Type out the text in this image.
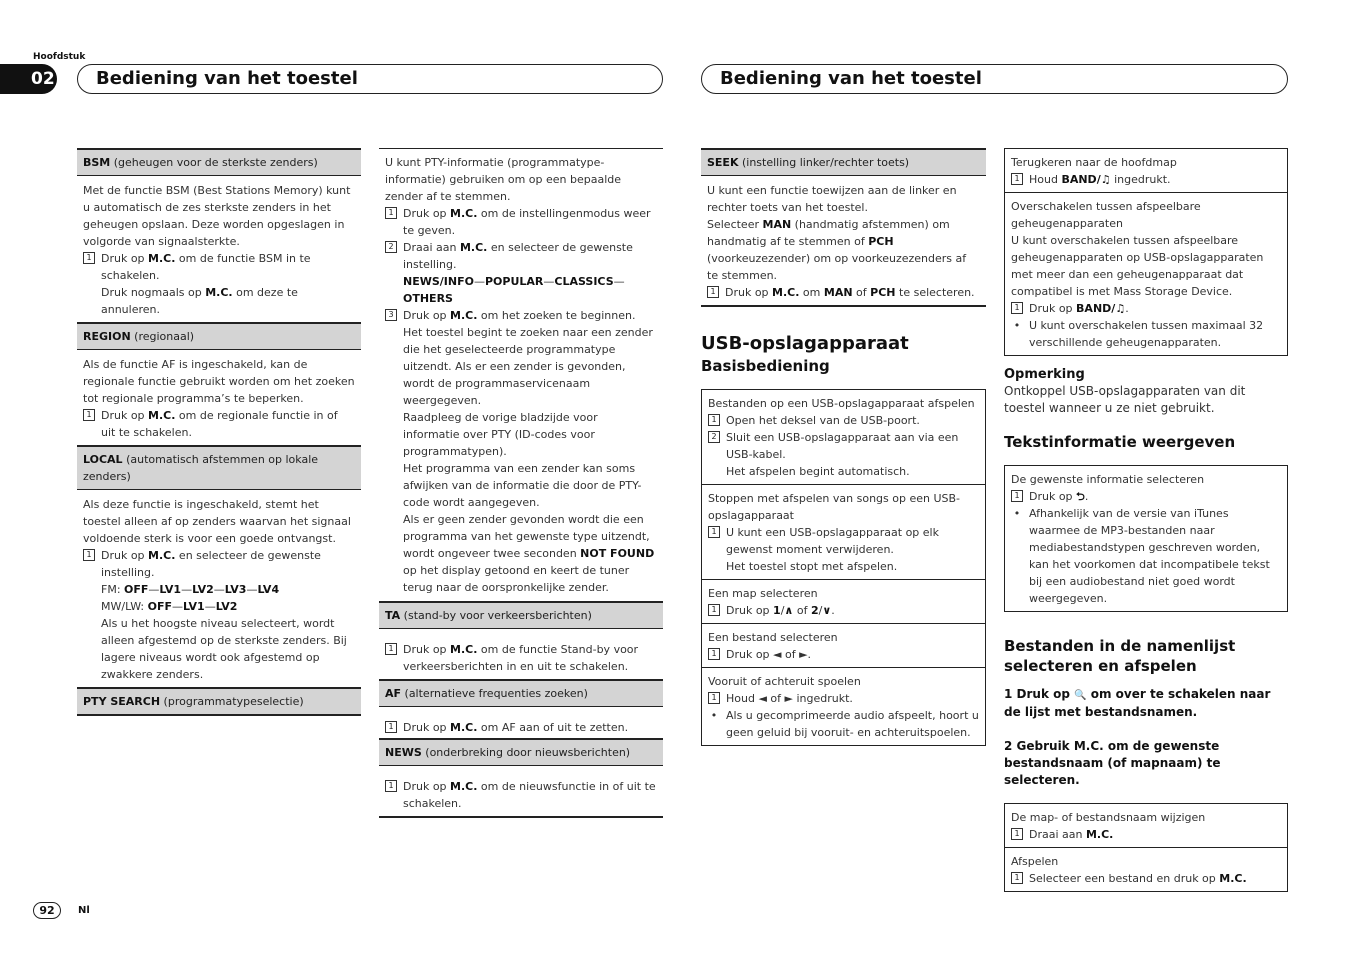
Hoofdstuk
02	Bediening van het toestel	Bediening van het toestel
BSM (geheugen voor de sterkste zenders)
Met de functie BSM (Best Stations Memory) kunt u automatisch de zes sterkste zenders in het geheugen opslaan. Deze worden opgeslagen in volgorde van signaalsterkte.
1 Druk op M.C. om de functie BSM in te schakelen.
Druk nogmaals op M.C. om deze te annuleren.
REGION (regionaal)
Als de functie AF is ingeschakeld, kan de regionale functie gebruikt worden om het zoeken tot regionale programma’s te beperken.
1 Druk op M.C. om de regionale functie in of uit te schakelen.
LOCAL (automatisch afstemmen op lokale zenders)
Als deze functie is ingeschakeld, stemt het toestel alleen af op zenders waarvan het signaal voldoende sterk is voor een goede ontvangst.
1 Druk op M.C. en selecteer de gewenste instelling.
FM: OFF—LV1—LV2—LV3—LV4
MW/LW: OFF—LV1—LV2
Als u het hoogste niveau selecteert, wordt alleen afgestemd op de sterkste zenders. Bij lagere niveaus wordt ook afgestemd op zwakkere zenders.
PTY SEARCH (programmatypeselectie)
U kunt PTY-informatie (programmatype-informatie) gebruiken om op een bepaalde zender af te stemmen.
1 Druk op M.C. om de instellingenmodus weer te geven.
2 Draai aan M.C. en selecteer de gewenste instelling.
NEWS/INFO—POPULAR—CLASSICS—
OTHERS
3 Druk op M.C. om het zoeken te beginnen.
Het toestel begint te zoeken naar een zender die het geselecteerde programmatype uitzendt. Als er een zender is gevonden, wordt de programmaservicenaam weergegeven.
Raadpleeg de vorige bladzijde voor informatie over PTY (ID-codes voor programmatypen).
Het programma van een zender kan soms afwijken van de informatie die door de PTY-code wordt aangegeven.
Als er geen zender gevonden wordt die een programma van het gewenste type uitzendt, wordt ongeveer twee seconden NOT FOUND op het display getoond en keert de tuner terug naar de oorspronkelijke zender.
TA (stand-by voor verkeersberichten)
1 Druk op M.C. om de functie Stand-by voor verkeersberichten in en uit te schakelen.
AF (alternatieve frequenties zoeken)
1 Druk op M.C. om AF aan of uit te zetten.
NEWS (onderbreking door nieuwsberichten)
1 Druk op M.C. om de nieuwsfunctie in of uit te schakelen.
SEEK (instelling linker/rechter toets)
U kunt een functie toewijzen aan de linker en rechter toets van het toestel.
Selecteer MAN (handmatig afstemmen) om handmatig af te stemmen of PCH (voorkeuzezender) om op voorkeuzezenders af te stemmen.
1 Druk op M.C. om MAN of PCH te selecteren.
USB-opslagapparaat
Basisbediening
Bestanden op een USB-opslagapparaat afspelen
1 Open het deksel van de USB-poort.
2 Sluit een USB-opslagapparaat aan via een USB-kabel.
Het afspelen begint automatisch.
Stoppen met afspelen van songs op een USB-opslagapparaat
1 U kunt een USB-opslagapparaat op elk gewenst moment verwijderen.
Het toestel stopt met afspelen.
Een map selecteren
1 Druk op 1/∧ of 2/∨.
Een bestand selecteren
1 Druk op ◄ of ►.
Vooruit of achteruit spoelen
1 Houd ◄ of ► ingedrukt.
• Als u gecomprimeerde audio afspeelt, hoort u geen geluid bij vooruit- en achteruitspoelen.
Terugkeren naar de hoofdmap
1 Houd BAND/♫ ingedrukt.
Overschakelen tussen afspeelbare geheugenapparaten
U kunt overschakelen tussen afspeelbare geheugenapparaten op USB-opslagapparaten met meer dan een geheugenapparaat dat compatibel is met Mass Storage Device.
1 Druk op BAND/♫.
• U kunt overschakelen tussen maximaal 32 verschillende geheugenapparaten.
Opmerking
Ontkoppel USB-opslagapparaten van dit toestel wanneer u ze niet gebruikt.
Tekstinformatie weergeven
De gewenste informatie selecteren
1 Druk op ⮌.
• Afhankelijk van de versie van iTunes waarmee de MP3-bestanden naar mediabestandstypen geschreven worden, kan het voorkomen dat incompatibele tekst bij een audiobestand niet goed wordt weergegeven.
Bestanden in de namenlijst selecteren en afspelen
1 Druk op 🔍 om over te schakelen naar de lijst met bestandsnamen.
2 Gebruik M.C. om de gewenste bestandsnaam (of mapnaam) te selecteren.
De map- of bestandsnaam wijzigen
1 Draai aan M.C.
Afspelen
1 Selecteer een bestand en druk op M.C.
92	Nl
